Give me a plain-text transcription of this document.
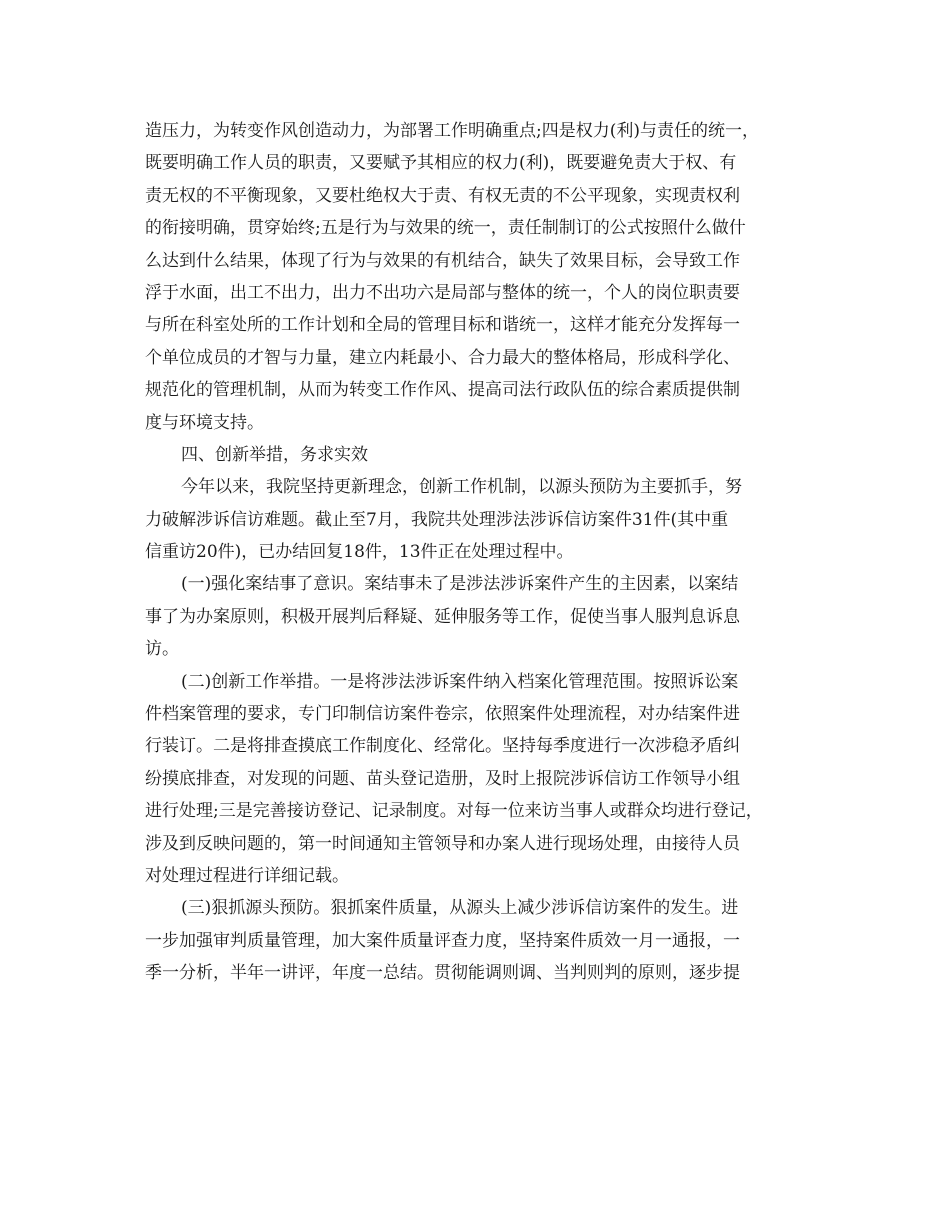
造压力，为转变作风创造动力，为部署工作明确重点;四是权力(利)与责任的统一，
既要明确工作人员的职责，又要赋予其相应的权力(利)，既要避免责大于权、有
责无权的不平衡现象，又要杜绝权大于责、有权无责的不公平现象，实现责权利
的衔接明确，贯穿始终;五是行为与效果的统一，责任制制订的公式按照什么做什
么达到什么结果，体现了行为与效果的有机结合，缺失了效果目标，会导致工作
浮于水面，出工不出力，出力不出功六是局部与整体的统一，个人的岗位职责要
与所在科室处所的工作计划和全局的管理目标和谐统一，这样才能充分发挥每一
个单位成员的才智与力量，建立内耗最小、合力最大的整体格局，形成科学化、
规范化的管理机制，从而为转变工作作风、提高司法行政队伍的综合素质提供制
度与环境支持。
四、创新举措，务求实效
今年以来，我院坚持更新理念，创新工作机制，以源头预防为主要抓手，努
力破解涉诉信访难题。截止至7月，我院共处理涉法涉诉信访案件31件(其中重
信重访20件)，已办结回复18件，13件正在处理过程中。
(一)强化案结事了意识。案结事未了是涉法涉诉案件产生的主因素，以案结
事了为办案原则，积极开展判后释疑、延伸服务等工作，促使当事人服判息诉息
访。
(二)创新工作举措。一是将涉法涉诉案件纳入档案化管理范围。按照诉讼案
件档案管理的要求，专门印制信访案件卷宗，依照案件处理流程，对办结案件进
行装订。二是将排查摸底工作制度化、经常化。坚持每季度进行一次涉稳矛盾纠
纷摸底排查，对发现的问题、苗头登记造册，及时上报院涉诉信访工作领导小组
进行处理;三是完善接访登记、记录制度。对每一位来访当事人或群众均进行登记，
涉及到反映问题的，第一时间通知主管领导和办案人进行现场处理，由接待人员
对处理过程进行详细记载。
(三)狠抓源头预防。狠抓案件质量，从源头上减少涉诉信访案件的发生。进
一步加强审判质量管理，加大案件质量评查力度，坚持案件质效一月一通报，一
季一分析，半年一讲评，年度一总结。贯彻能调则调、当判则判的原则，逐步提
